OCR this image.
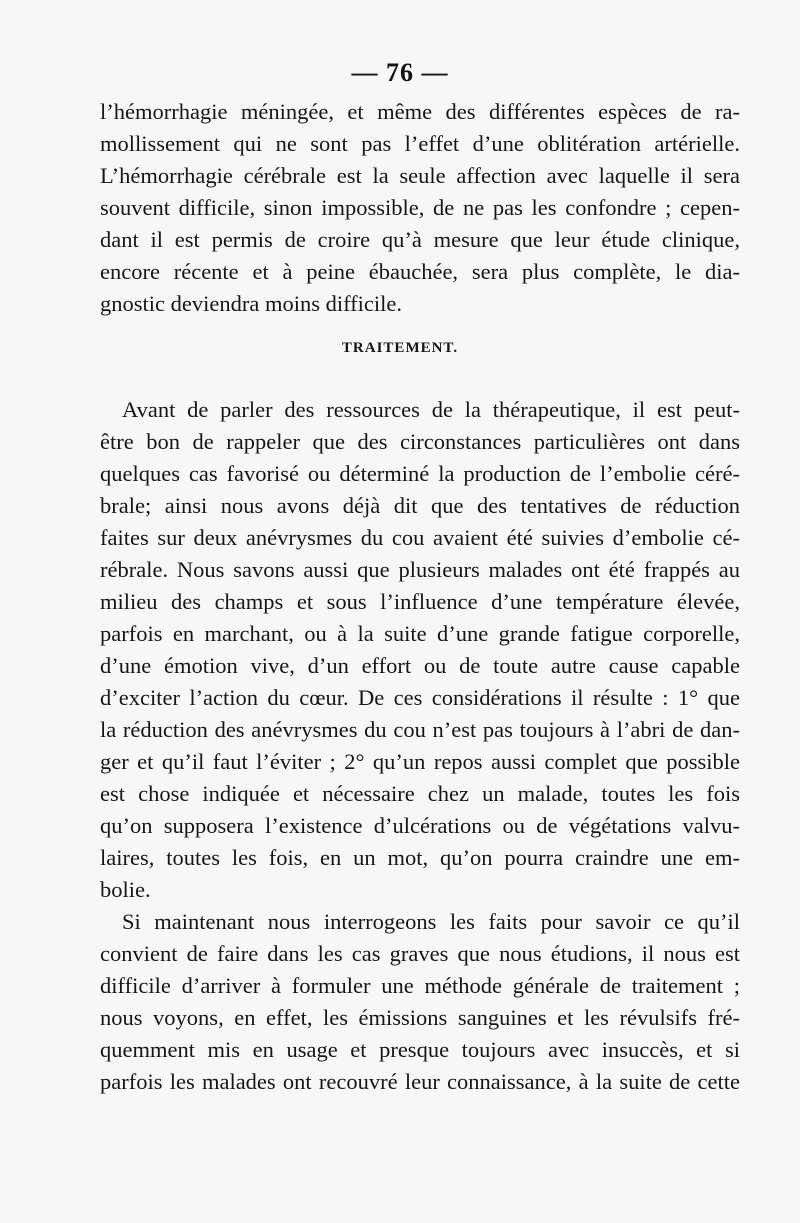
— 76 —
l’hémorrhagie méningée, et même des différentes espèces de ra-
mollissement qui ne sont pas l’effet d’une oblitération artérielle.
L’hémorrhagie cérébrale est la seule affection avec laquelle il sera
souvent difficile, sinon impossible, de ne pas les confondre ; cepen-
dant il est permis de croire qu’à mesure que leur étude clinique,
encore récente et à peine ébauchée, sera plus complète, le dia-
gnostic deviendra moins difficile.
TRAITEMENT.
Avant de parler des ressources de la thérapeutique, il est peut-
être bon de rappeler que des circonstances particulières ont dans
quelques cas favorisé ou déterminé la production de l’embolie céré-
brale; ainsi nous avons déjà dit que des tentatives de réduction
faites sur deux anévrysmes du cou avaient été suivies d’embolie cé-
rébrale. Nous savons aussi que plusieurs malades ont été frappés au
milieu des champs et sous l’influence d’une température élevée,
parfois en marchant, ou à la suite d’une grande fatigue corporelle,
d’une émotion vive, d’un effort ou de toute autre cause capable
d’exciter l’action du cœur. De ces considérations il résulte : 1° que
la réduction des anévrysmes du cou n’est pas toujours à l’abri de dan-
ger et qu’il faut l’éviter ; 2° qu’un repos aussi complet que possible
est chose indiquée et nécessaire chez un malade, toutes les fois
qu’on supposera l’existence d’ulcérations ou de végétations valvu-
laires, toutes les fois, en un mot, qu’on pourra craindre une em-
bolie.
Si maintenant nous interrogeons les faits pour savoir ce qu’il
convient de faire dans les cas graves que nous étudions, il nous est
difficile d’arriver à formuler une méthode générale de traitement ;
nous voyons, en effet, les émissions sanguines et les révulsifs fré-
quemment mis en usage et presque toujours avec insuccès, et si
parfois les malades ont recouvré leur connaissance, à la suite de cette
